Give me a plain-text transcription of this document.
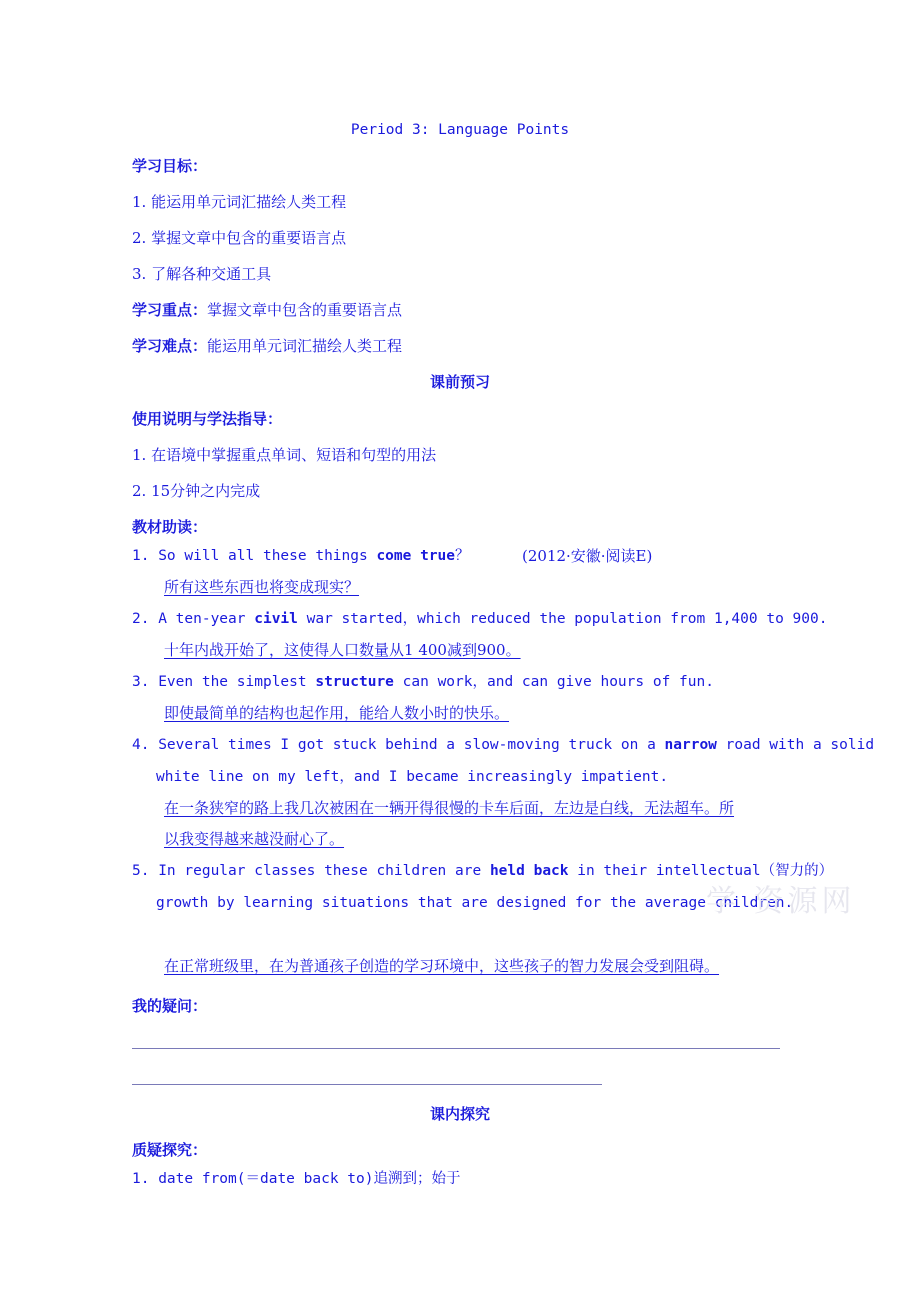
Period 3: Language Points
学习目标：
1. 能运用单元词汇描绘人类工程
2. 掌握文章中包含的重要语言点
3. 了解各种交通工具
学习重点：掌握文章中包含的重要语言点
学习难点：能运用单元词汇描绘人类工程
课前预习
使用说明与学法指导：
1. 在语境中掌握重点单词、短语和句型的用法
2. 15分钟之内完成
教材助读：
1. So will all these things come true？	(2012·安徽·阅读E)
所有这些东西也将变成现实？
2. A ten-year civil war started，which reduced the population from 1,400 to 900.
十年内战开始了，这使得人口数量从1 400减到900。
3. Even the simplest structure can work，and can give hours of fun.
即使最简单的结构也起作用，能给人数小时的快乐。
4. Several times I got stuck behind a slow-moving truck on a narrow road with a solid
white line on my left，and I became increasingly impatient.
在一条狭窄的路上我几次被困在一辆开得很慢的卡车后面，左边是白线，无法超车。所
以我变得越来越没耐心了。
5. In regular classes these children are held back in their intellectual（智力的）
growth by learning situations that are designed for the average children.
学 资源网
在正常班级里，在为普通孩子创造的学习环境中，这些孩子的智力发展会受到阻碍。
我的疑问：
课内探究
质疑探究：
1. date from(＝date back to)追溯到；始于
